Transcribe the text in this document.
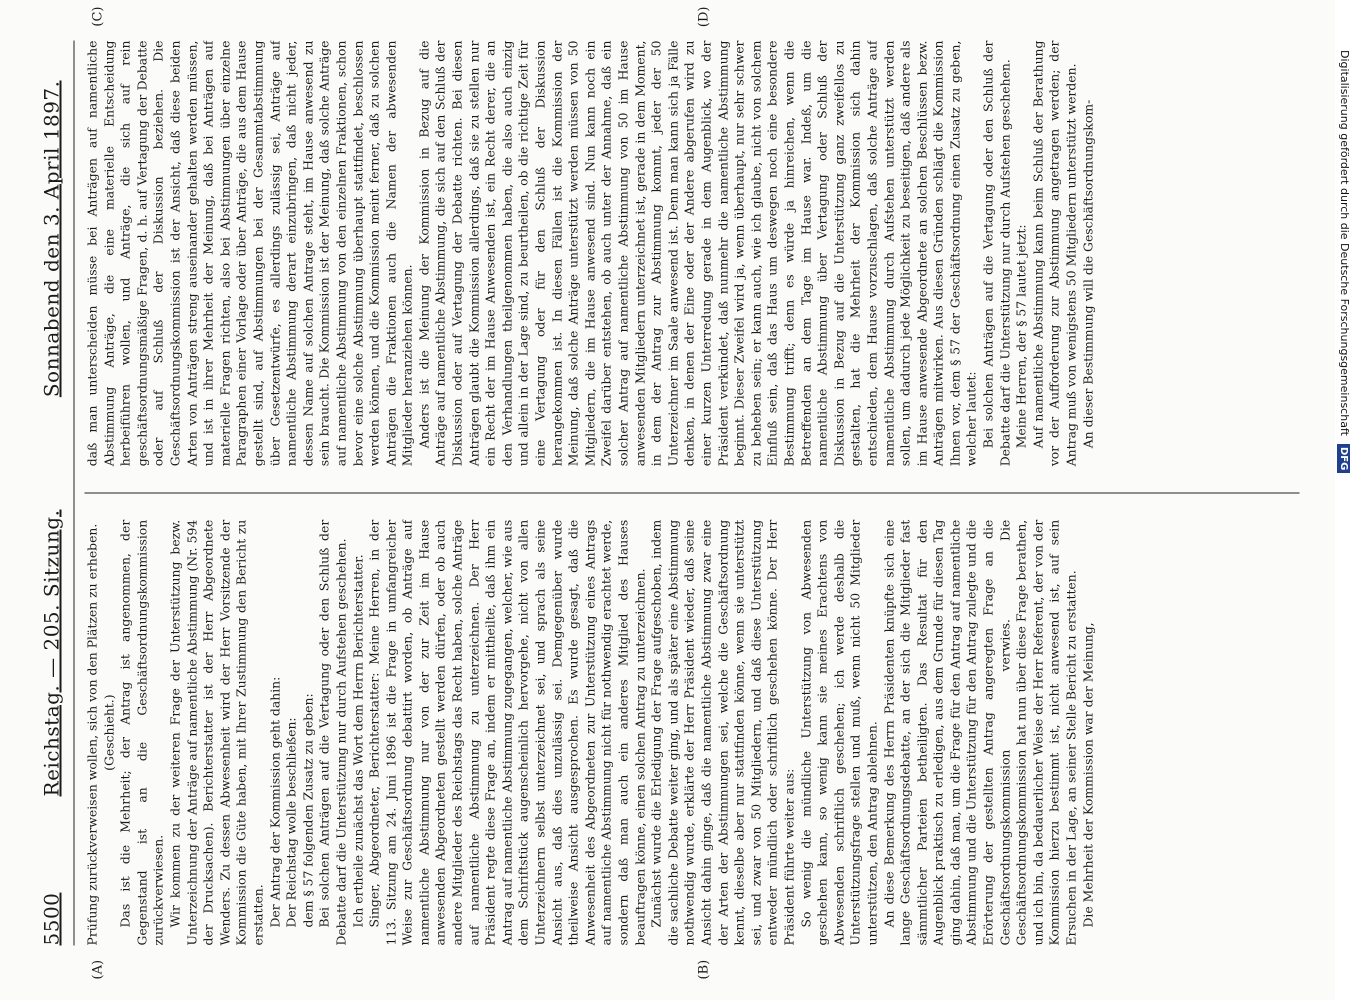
5500
Reichstag. — 205. Sitzung.
Sonnabend den 3. April 1897.
(A)	(B)
(C)	(D)

Prüfung zurückverweisen wollen, sich von den Plätzen zu erheben. (Geschieht.) Das ist die Mehrheit; der Antrag ist angenommen, der Gegenstand ist an die Geschäftsordnungskommission zurückverwiesen. Wir kommen zu der weiteren Frage der Unterstützung bezw. Unterzeichnung der Anträge auf namentliche Abstimmung (Nr. 594 der Drucksachen). Berichterstatter ist der Herr Abgeordnete Wenders. Zu dessen Abwesenheit wird der Herr Vorsitzende der Kommission die Güte haben, mit Ihrer Zustimmung den Bericht zu erstatten. Der Antrag der Kommission geht dahin: Der Reichstag wolle beschließen: dem § 57 folgenden Zusatz zu geben: Bei solchen Anträgen auf die Vertagung oder den Schluß der Debatte darf die Unterstützung nur durch Aufstehen geschehen. Ich ertheile zunächst das Wort dem Herrn Berichterstatter. Singer, Abgeordneter, Berichterstatter: Meine Herren, in der 113. Sitzung am 24. Juni 1896 ist die Frage in umfangreicher Weise zur Geschäftsordnung debattirt worden, ob Anträge auf namentliche Abstimmung nur von der zur Zeit im Hause anwesenden Abgeordneten gestellt werden dürfen, oder ob auch andere Mitglieder des Reichstags das Recht haben, solche Anträge auf namentliche Abstimmung zu unterzeichnen. Der Herr Präsident regte diese Frage an, indem er mittheilte, daß ihm ein Antrag auf namentliche Abstimmung zugegangen, welcher, wie aus dem Schriftstück augenscheinlich hervorgehe, nicht von allen Unterzeichnern selbst unterzeichnet sei, und sprach als seine Ansicht aus, daß dies unzulässig sei. Demgegenüber wurde theilweise Ansicht ausgesprochen. Es wurde gesagt, daß die Anwesenheit des Abgeordneten zur Unterstützung eines Antrags auf namentliche Abstimmung nicht für nothwendig erachtet werde, sondern daß man auch ein anderes Mitglied des Hauses beauftragen könne, einen solchen Antrag zu unterzeichnen. Zunächst wurde die Erledigung der Frage aufgeschoben, indem die sachliche Debatte weiter ging, und als später eine Abstimmung nothwendig wurde, erklärte der Herr Präsident wieder, daß seine Ansicht dahin ginge, daß die namentliche Abstimmung zwar eine der Arten der Abstimmungen sei, welche die Geschäftsordnung kennt, dieselbe aber nur stattfinden könne, wenn sie unterstützt sei, und zwar von 50 Mitgliedern, und daß diese Unterstützung entweder mündlich oder schriftlich geschehen könne. Der Herr Präsident führte weiter aus: So wenig die mündliche Unterstützung von Abwesenden geschehen kann, so wenig kann sie meines Erachtens von Abwesenden schriftlich geschehen; ich werde deshalb die Unterstützungsfrage stellen und muß, wenn nicht 50 Mitglieder unterstützen, den Antrag ablehnen. An diese Bemerkung des Herrn Präsidenten knüpfte sich eine lange Geschäftsordnungsdebatte, an der sich die Mitglieder fast sämmtlicher Parteien betheiligten. Das Resultat für den Augenblick praktisch zu erledigen, aus dem Grunde für diesen Tag ging dahin, daß man, um die Frage für den Antrag auf namentliche Abstimmung und die Unterstützung für den Antrag zulegte und die Erörterung der gestellten Antrag angeregten Frage an die Geschäftsordnungskommission verwies. Die Geschäftsordnungskommission hat nun über diese Frage berathen, und ich bin, da bedauerlicher Weise der Herr Referent, der von der Kommission hierzu bestimmt ist, nicht anwesend ist, auf sein Ersuchen in der Lage, an seiner Stelle Bericht zu erstatten. Die Mehrheit der Kommission war der Meinung,

daß man unterscheiden müsse bei Anträgen auf namentliche Abstimmung Anträge, die eine materielle Entscheidung herbeiführen wollen, und Anträge, die sich auf rein geschäftsordnungsmäßige Fragen, d. h. auf Vertagung der Debatte oder auf Schluß der Diskussion beziehen. Die Geschäftsordnungskommission ist der Ansicht, daß diese beiden Arten von Anträgen streng auseinander gehalten werden müssen, und ist in ihrer Mehrheit der Meinung, daß bei Anträgen auf materielle Fragen richten, also bei Abstimmungen über einzelne Paragraphen einer Vorlage oder über Anträge, die aus dem Hause gestellt sind, auf Abstimmungen bei der Gesammtabstimmung über Gesetzentwürfe, es allerdings zulässig sei, Anträge auf namentliche Abstimmung derart einzubringen, daß nicht jeder, dessen Name auf solchen Antrage steht, im Hause anwesend zu sein braucht. Die Kommission ist der Meinung, daß solche Anträge auf namentliche Abstimmung von den einzelnen Fraktionen, schon bevor eine solche Abstimmung überhaupt stattfindet, beschlossen werden können, und die Kommission meint ferner, daß zu solchen Anträgen die Fraktionen auch die Namen der abwesenden Mitglieder heranziehen können. Anders ist die Meinung der Kommission in Bezug auf die Anträge auf namentliche Abstimmung, die sich auf den Schluß der Diskussion oder auf Vertagung der Debatte richten. Bei diesen Anträgen glaubt die Kommission allerdings, daß sie zu stellen nur ein Recht der im Hause Anwesenden ist, ein Recht derer, die an den Verhandlungen theilgenommen haben, die also auch einzig und allein in der Lage sind, zu beurtheilen, ob die richtige Zeit für eine Vertagung oder für den Schluß der Diskussion herangekommen ist. In diesen Fällen ist die Kommission der Meinung, daß solche Anträge unterstützt werden müssen von 50 Mitgliedern, die im Hause anwesend sind. Nun kann noch ein Zweifel darüber entstehen, ob auch unter der Annahme, daß ein solcher Antrag auf namentliche Abstimmung von 50 im Hause anwesenden Mitgliedern unterzeichnet ist, gerade in dem Moment, in dem der Antrag zur Abstimmung kommt, jeder der 50 Unterzeichner im Saale anwesend ist. Denn man kann sich ja Fälle denken, in denen der Eine oder der Andere abgerufen wird zu einer kurzen Unterredung gerade in dem Augenblick, wo der Präsident verkündet, daß nunmehr die namentliche Abstimmung beginnt. Dieser Zweifel wird ja, wenn überhaupt, nur sehr schwer zu beheben sein; er kann auch, wie ich glaube, nicht von solchem Einfluß sein, daß das Haus um deswegen noch eine besondere Bestimmung trifft; denn es würde ja hinreichen, wenn die Betreffenden an dem Tage im Hause war. Indeß, um die namentliche Abstimmung über Vertagung oder Schluß der Diskussion in Bezug auf die Unterstützung ganz zweifellos zu gestalten, hat die Mehrheit der Kommission sich dahin entschieden, dem Hause vorzuschlagen, daß solche Anträge auf namentliche Abstimmung durch Aufstehen unterstützt werden sollen, um dadurch jede Möglichkeit zu beseitigen, daß andere als im Hause anwesende Abgeordnete an solchen Beschlüssen bezw. Anträgen mitwirken. Aus diesen Gründen schlägt die Kommission Ihnen vor, dem § 57 der Geschäftsordnung einen Zusatz zu geben, welcher lautet: Bei solchen Anträgen auf die Vertagung oder den Schluß der Debatte darf die Unterstützung nur durch Aufstehen geschehen. Meine Herren, der § 57 lautet jetzt: Auf namentliche Abstimmung kann beim Schluß der Berathung vor der Aufforderung zur Abstimmung angetragen werden; der Antrag muß von wenigstens 50 Mitgliedern unterstützt werden. An dieser Bestimmung will die Geschäftsordnungskom-	Digitalisierung gefördert durch die Deutsche Forschungsgemeinschaft
DFG
